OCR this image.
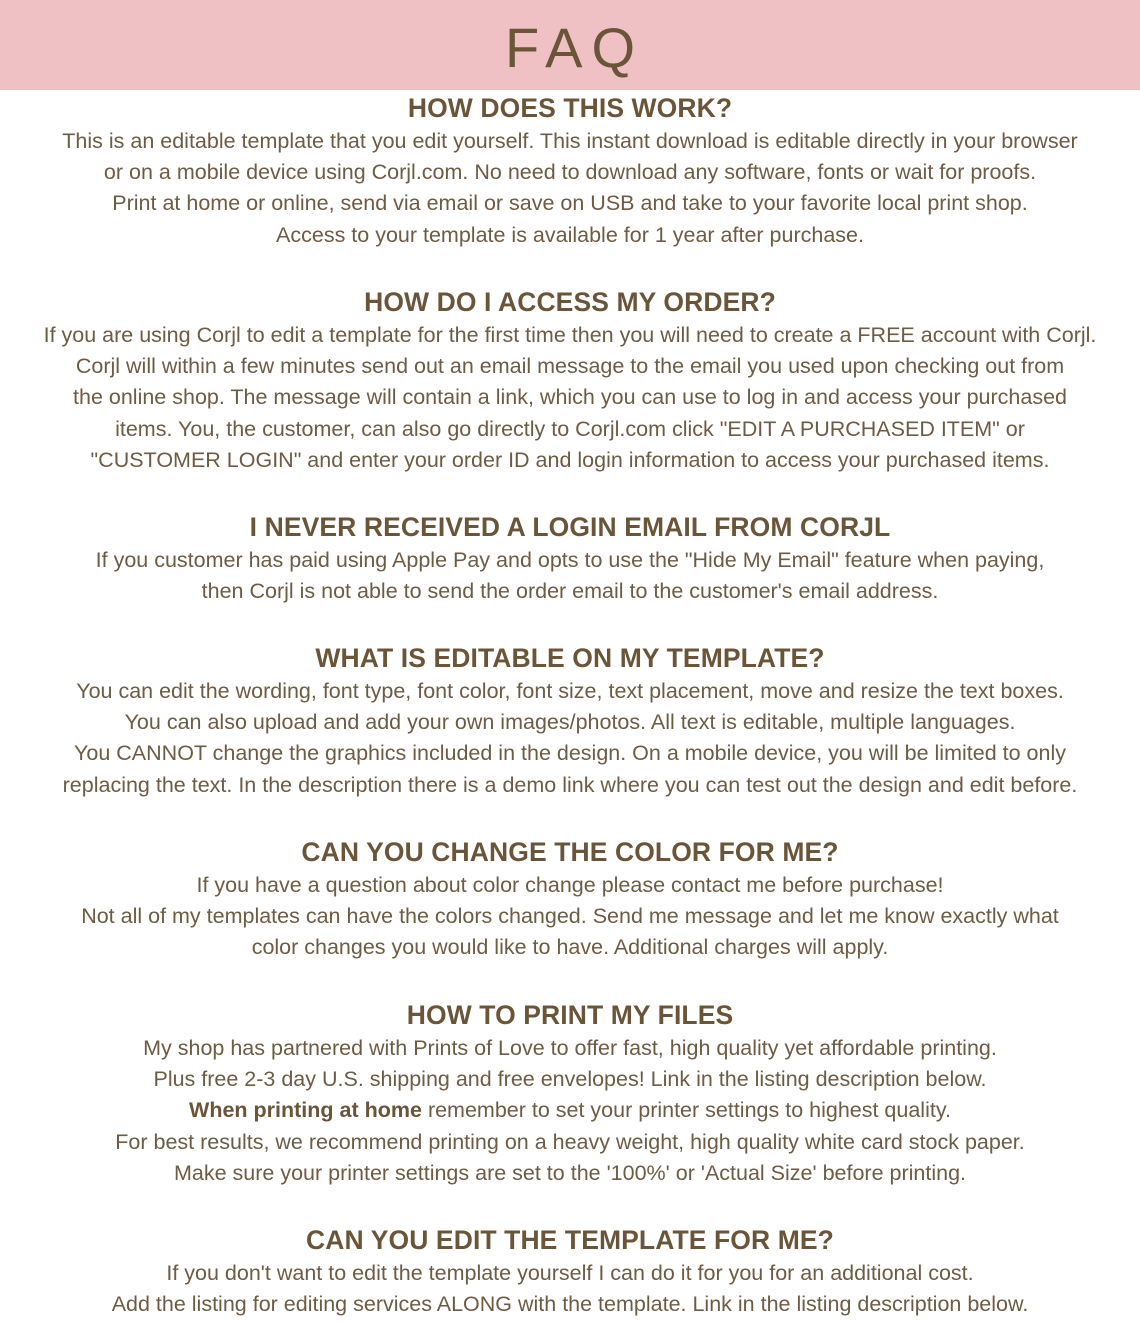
FAQ
HOW DOES THIS WORK?

This is an editable template that you edit yourself. This instant download is editable directly in your browser

or on a mobile device using Corjl.com. No need to download any software, fonts or wait for proofs.

Print at home or online, send via email or save on USB and take to your favorite local print shop.

Access to your template is available for 1 year after purchase.

HOW DO I ACCESS MY ORDER?

If you are using Corjl to edit a template for the first time then you will need to create a FREE account with Corjl.

Corjl will within a few minutes send out an email message to the email you used upon checking out from

the online shop. The message will contain a link, which you can use to log in and access your purchased

items. You, the customer, can also go directly to Corjl.com click "EDIT A PURCHASED ITEM" or

"CUSTOMER LOGIN" and enter your order ID and login information to access your purchased items.

I NEVER RECEIVED A LOGIN EMAIL FROM CORJL

If you customer has paid using Apple Pay and opts to use the "Hide My Email" feature when paying,

then Corjl is not able to send the order email to the customer's email address.

WHAT IS EDITABLE ON MY TEMPLATE?

You can edit the wording, font type, font color, font size, text placement, move and resize the text boxes.

You can also upload and add your own images/photos. All text is editable, multiple languages.

You CANNOT change the graphics included in the design. On a mobile device, you will be limited to only

replacing the text. In the description there is a demo link where you can test out the design and edit before.

CAN YOU CHANGE THE COLOR FOR ME?

If you have a question about color change please contact me before purchase!

Not all of my templates can have the colors changed. Send me message and let me know exactly what

color changes you would like to have. Additional charges will apply.

HOW TO PRINT MY FILES

My shop has partnered with Prints of Love to offer fast, high quality yet affordable printing.

Plus free 2-3 day U.S. shipping and free envelopes! Link in the listing description below.

When printing at home remember to set your printer settings to highest quality.

For best results, we recommend printing on a heavy weight, high quality white card stock paper.

Make sure your printer settings are set to the '100%' or 'Actual Size' before printing.

CAN YOU EDIT THE TEMPLATE FOR ME?

If you don't want to edit the template yourself I can do it for you for an additional cost.

Add the listing for editing services ALONG with the template. Link in the listing description below.
